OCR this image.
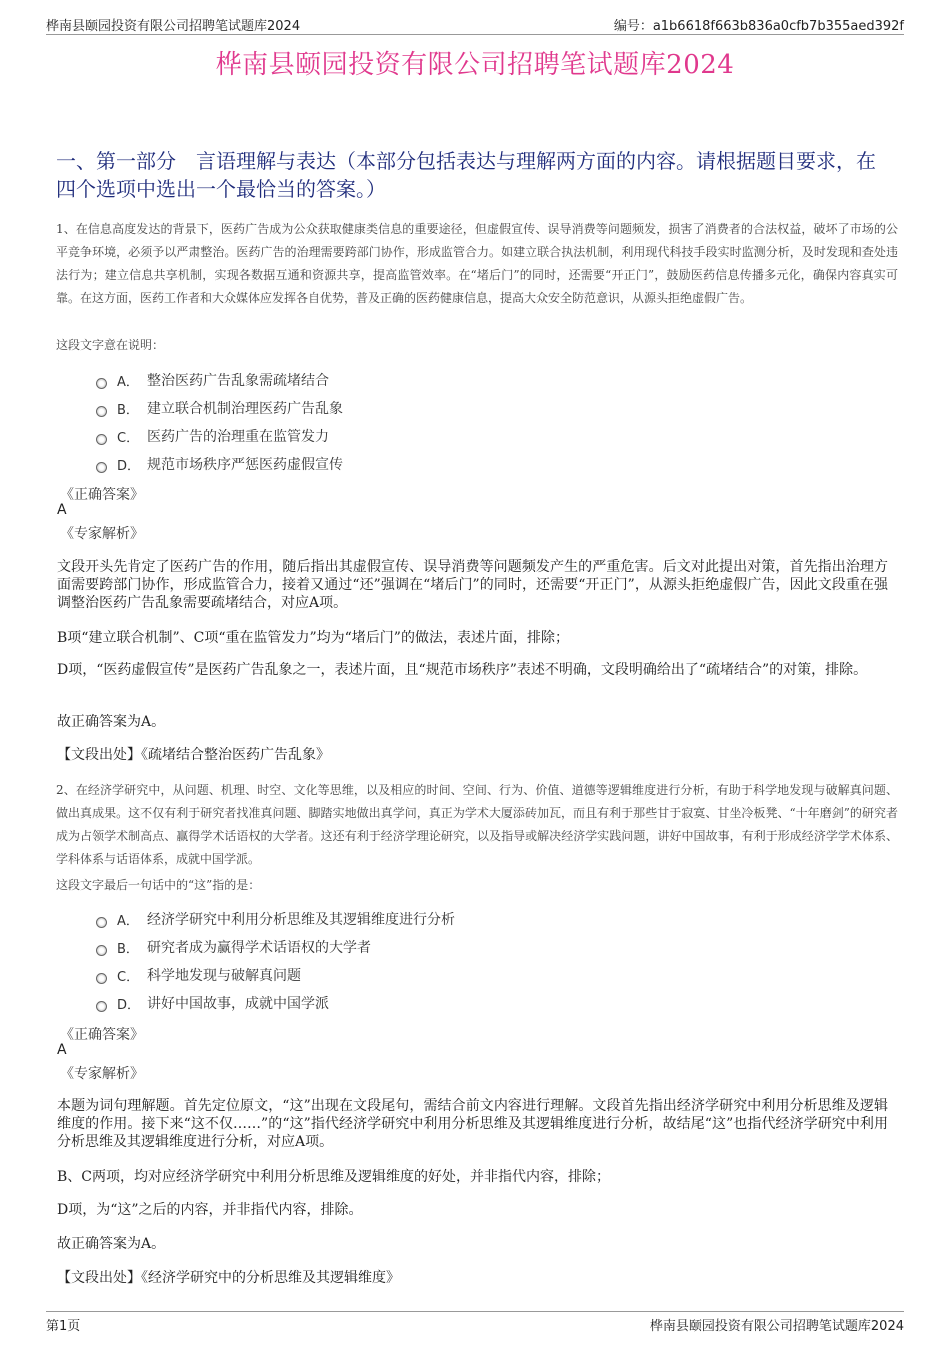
桦南县颐园投资有限公司招聘笔试题库2024	编号：a1b6618f663b836a0cfb7b355aed392f
桦南县颐园投资有限公司招聘笔试题库2024
一、第一部分　言语理解与表达（本部分包括表达与理解两方面的内容。请根据题目要求，在四个选项中选出一个最恰当的答案。）
1、在信息高度发达的背景下，医药广告成为公众获取健康类信息的重要途径，但虚假宣传、误导消费等问题频发，损害了消费者的合法权益，破坏了市场的公平竞争环境，必须予以严肃整治。医药广告的治理需要跨部门协作，形成监管合力。如建立联合执法机制，利用现代科技手段实时监测分析，及时发现和查处违法行为；建立信息共享机制，实现各数据互通和资源共享，提高监管效率。在“堵后门”的同时，还需要“开正门”，鼓励医药信息传播多元化，确保内容真实可靠。在这方面，医药工作者和大众媒体应发挥各自优势，普及正确的医药健康信息，提高大众安全防范意识，从源头拒绝虚假广告。
这段文字意在说明：
A． 整治医药广告乱象需疏堵结合
B． 建立联合机制治理医药广告乱象
C． 医药广告的治理重在监管发力
D． 规范市场秩序严惩医药虚假宣传
《正确答案》
A
《专家解析》
文段开头先肯定了医药广告的作用，随后指出其虚假宣传、误导消费等问题频发产生的严重危害。后文对此提出对策，首先指出治理方面需要跨部门协作，形成监管合力，接着又通过“还”强调在“堵后门”的同时，还需要“开正门”，从源头拒绝虚假广告，因此文段重在强调整治医药广告乱象需要疏堵结合，对应A项。
B项“建立联合机制”、C项“重在监管发力”均为“堵后门”的做法，表述片面，排除；
D项，“医药虚假宣传”是医药广告乱象之一，表述片面，且“规范市场秩序”表述不明确，文段明确给出了“疏堵结合”的对策，排除。
故正确答案为A。
【文段出处】《疏堵结合整治医药广告乱象》
2、在经济学研究中，从问题、机理、时空、文化等思维，以及相应的时间、空间、行为、价值、道德等逻辑维度进行分析，有助于科学地发现与破解真问题、做出真成果。这不仅有利于研究者找准真问题、脚踏实地做出真学问，真正为学术大厦添砖加瓦，而且有利于那些甘于寂寞、甘坐冷板凳、“十年磨剑”的研究者成为占领学术制高点、赢得学术话语权的大学者。这还有利于经济学理论研究，以及指导或解决经济学实践问题，讲好中国故事，有利于形成经济学学术体系、学科体系与话语体系，成就中国学派。
这段文字最后一句话中的“这”指的是：
A． 经济学研究中利用分析思维及其逻辑维度进行分析
B． 研究者成为赢得学术话语权的大学者
C． 科学地发现与破解真问题
D． 讲好中国故事，成就中国学派
《正确答案》
A
《专家解析》
本题为词句理解题。首先定位原文，“这”出现在文段尾句，需结合前文内容进行理解。文段首先指出经济学研究中利用分析思维及逻辑维度的作用。接下来“这不仅……”的“这”指代经济学研究中利用分析思维及其逻辑维度进行分析，故结尾“这”也指代经济学研究中利用分析思维及其逻辑维度进行分析，对应A项。
B、C两项，均对应经济学研究中利用分析思维及逻辑维度的好处，并非指代内容，排除；
D项，为“这”之后的内容，并非指代内容，排除。
故正确答案为A。
【文段出处】《经济学研究中的分析思维及其逻辑维度》
第1页	桦南县颐园投资有限公司招聘笔试题库2024
